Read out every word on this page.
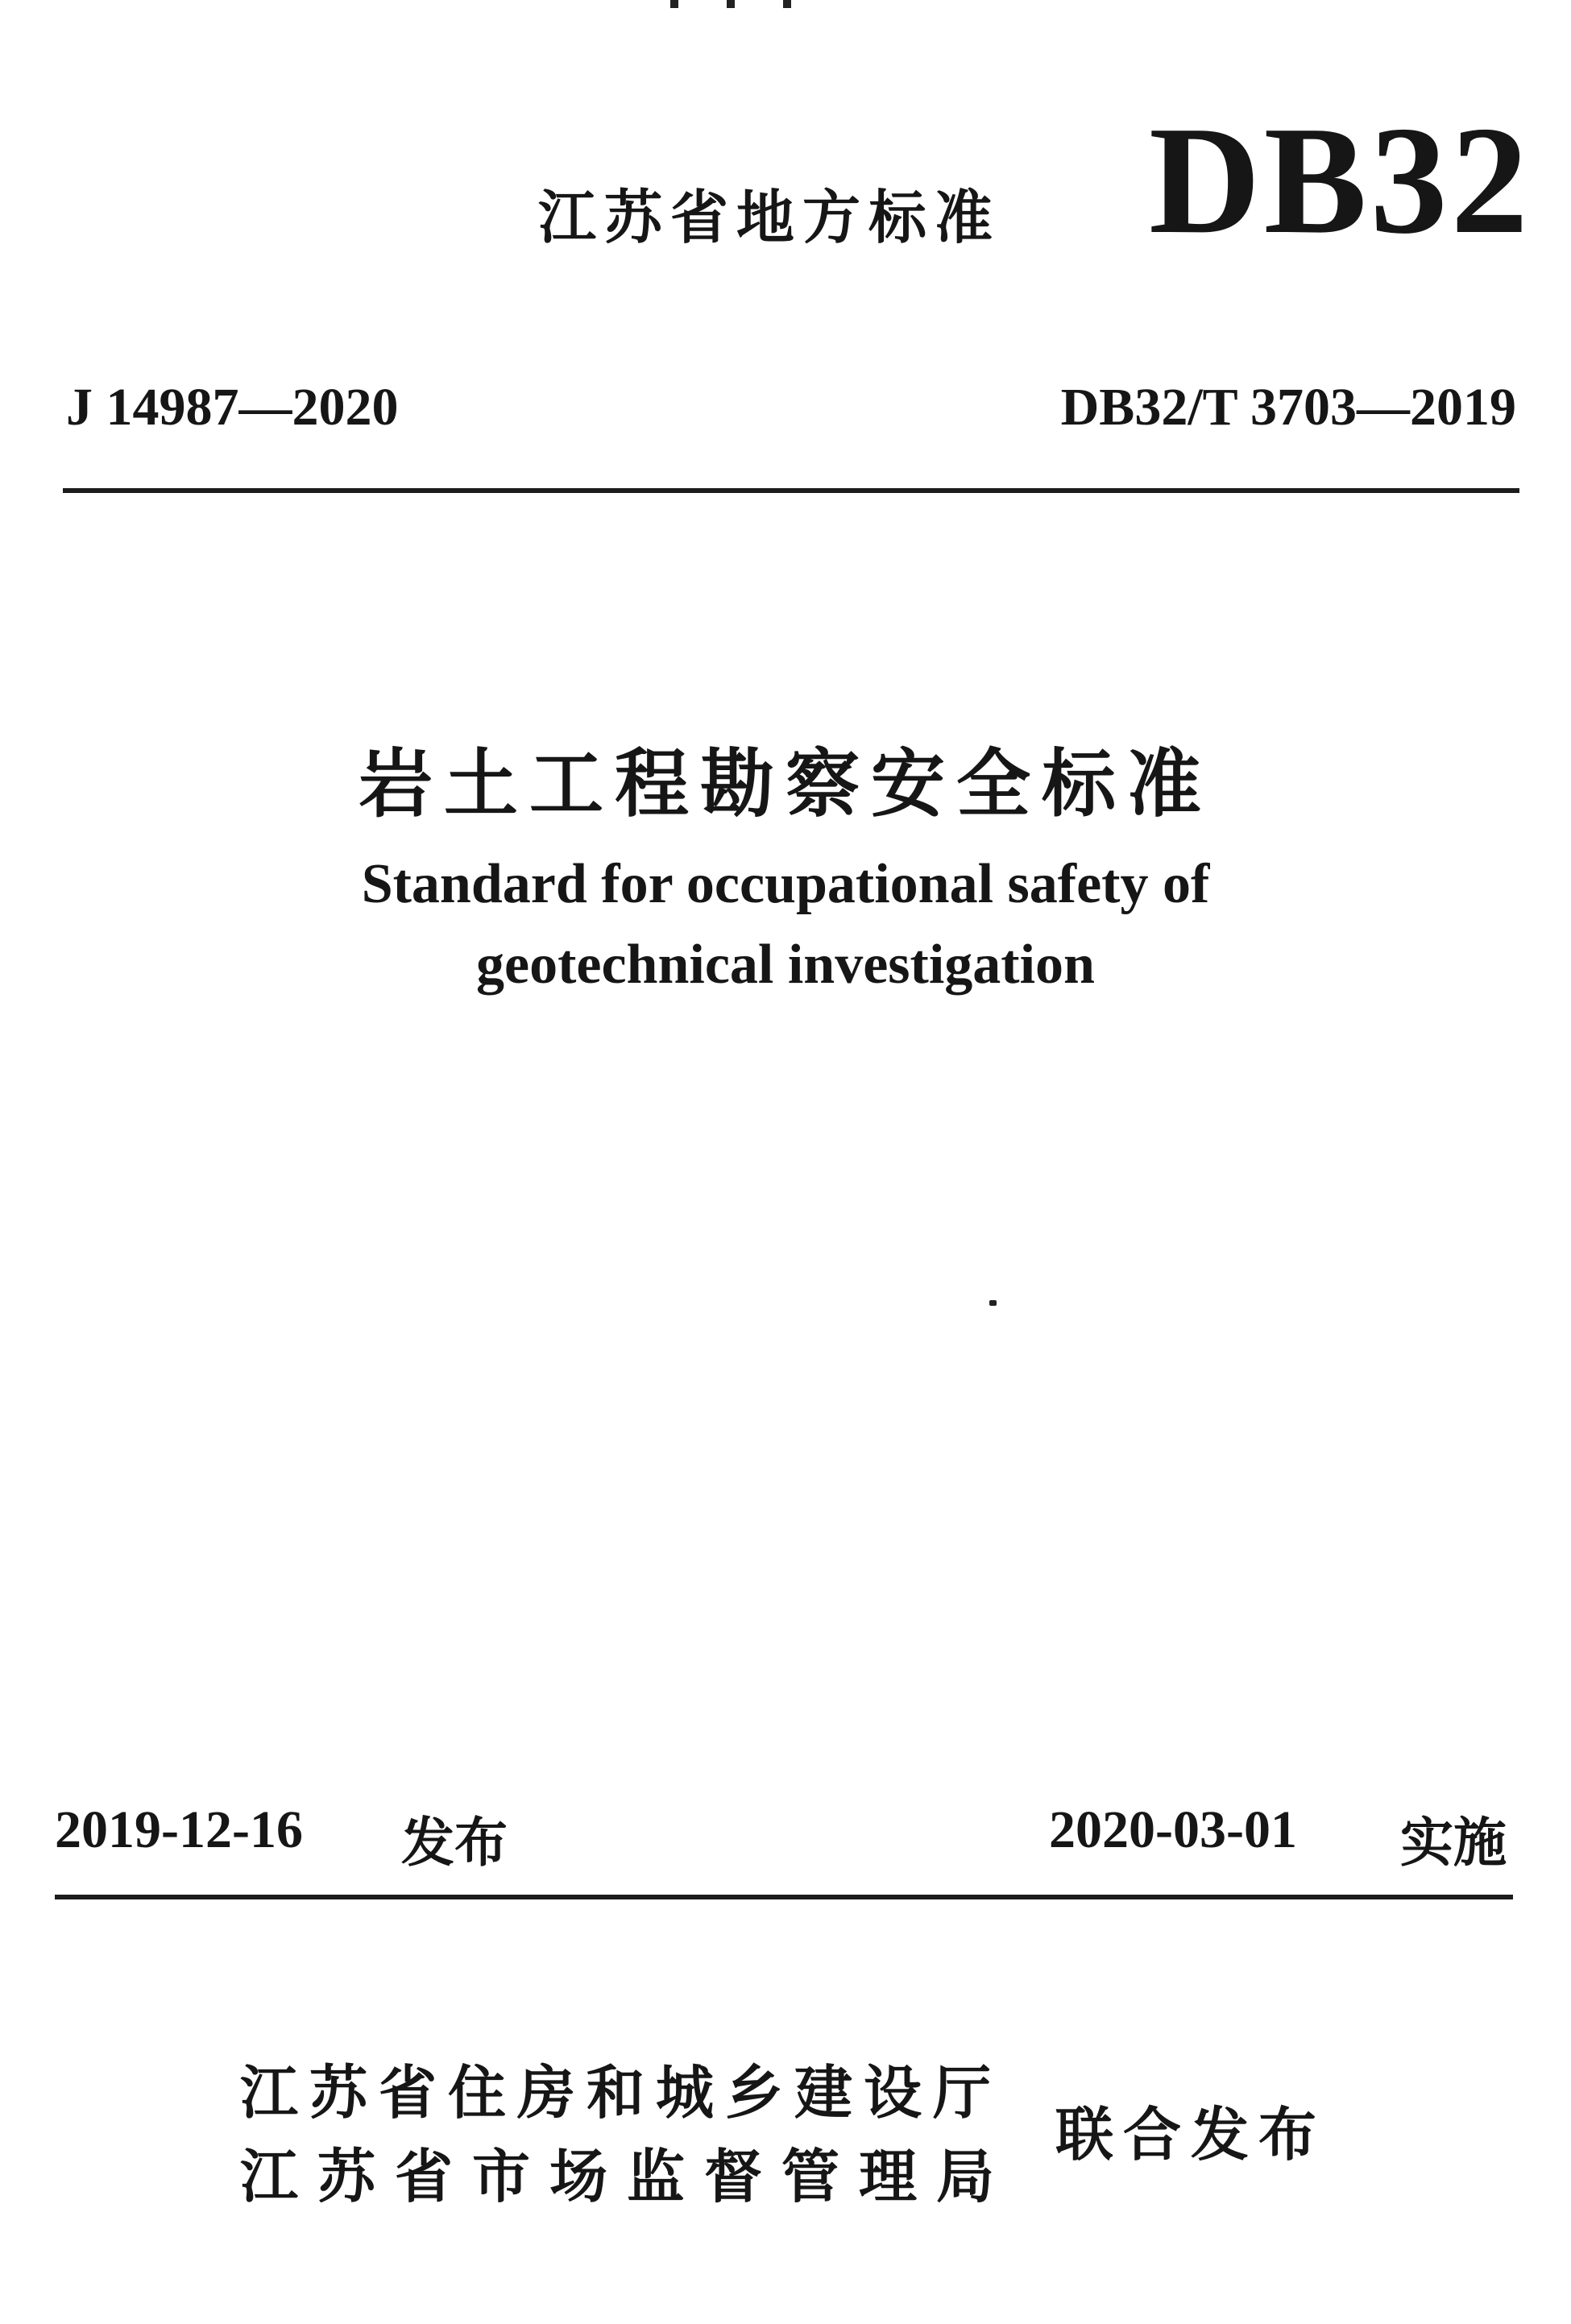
江苏省地方标准 DB32
J 14987—2020	DB32/T 3703—2019
岩土工程勘察安全标准
Standard for occupational safety of
geotechnical investigation
2019-12-16 发布	2020-03-01 实施
江苏省住房和城乡建设厅
江苏省市场监督管理局
联合发布
